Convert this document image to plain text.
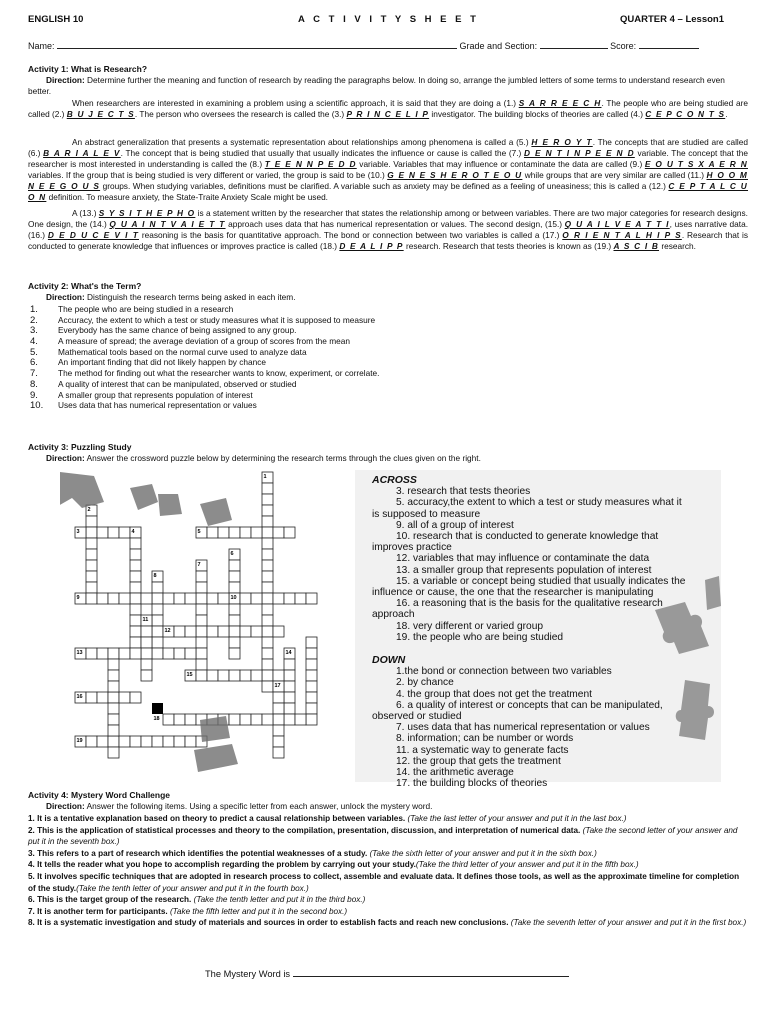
ENGLISH 10	A C T I V I T Y S H E E T	QUARTER 4 – Lesson1
Name:	Grade and Section:	Score:
Activity 1: What is Research?
Direction: Determine further the meaning and function of research by reading the paragraphs below. In doing so, arrange the jumbled letters of some terms to understand research even better.
When researchers are interested in examining a problem using a scientific approach, it is said that they are doing a (1.) S A R R E E C H. The people who are being studied are called (2.) B U J E C T S. The person who oversees the research is called the (3.) P R I N C E L I P investigator. The building blocks of theories are called (4.) C E P C O N T S.
An abstract generalization that presents a systematic representation about relationships among phenomena is called a (5.) H E R O Y T. The concepts that are studied are called (6.) B A R I A L E V. The concept that is being studied that usually that usually indicates the influence or cause is called the (7.) D E N T I N P E E N D variable. The concept that the researcher is most interested in understanding is called the (8.) T E E N N P E D D variable. Variables that may influence or contaminate the data are called (9.) E O U T S X A E R N variables. If the group that is being studied is very different or varied, the group is said to be (10.) G E N E S H E R O T E O U while groups that are very similar are called (11.) H O O M N E E G O U S groups. When studying variables, definitions must be clarified. A variable such as anxiety may be defined as a feeling of uneasiness; this is called a (12.) C E P T A L C U O N definition. To measure anxiety, the State-Traite Anxiety Scale might be used.
A (13.) S Y S I T H E P H O is a statement written by the researcher that states the relationship among or between variables. There are two major categories for research designs. One design, the (14.) Q U A I N T V A I E T T approach uses data that has numerical representation or values. The second design, (15.) Q U A I L V E A T T I, uses narrative data. (16.) D E D U C E V I T reasoning is the basis for quantitative approach. The bond or connection between two variables is called a (17.) O R I E N T A L H I P S. Research that is conducted to generate knowledge that influences or improves practice is called (18.) D E A L I P P research. Research that tests theories is known as (19.) A S C I B research.
Activity 2: What's the Term?
Direction: Distinguish the research terms being asked in each item.
1. The people who are being studied in a research
2. Accuracy, the extent to which a test or study measures what it is supposed to measure
3. Everybody has the same chance of being assigned to any group.
4. A measure of spread; the average deviation of a group of scores from the mean
5. Mathematical tools based on the normal curve used to analyze data
6. An important finding that did not likely happen by chance
7. The method for finding out what the researcher wants to know, experiment, or correlate.
8. A quality of interest that can be manipulated, observed or studied
9. A smaller group that represents population of interest
10. Uses data that has numerical representation or values
Activity 3: Puzzling Study
Direction: Answer the crossword puzzle below by determining the research terms through the clues given on the right.
1
2
3	4	5
6
7
8
9	10
11
12
13	14
15
16
17
18
19
ACROSS
3. research that tests theories
5. accuracy,the extent to which a test or study measures what it
is supposed to measure
9. all of a group of interest
10. research that is conducted to generate knowledge that
improves practice
12. variables that may influence or contaminate the data
13. a smaller group that represents population of interest
15. a variable or concept being studied that usually indicates the
influence or cause, the one that the researcher is manipulating
16. a reasoning that is the basis for the qualitative research
approach
18. very different or varied group
19. the people who are being studied
DOWN
1.the bond or connection between two variables
2. by chance
4. the group that does not get the treatment
6. a quality of interest or concepts that can be manipulated,
observed or studied
7. uses data that has numerical representation or values
8. information; can be number or words
11. a systematic way to generate facts
12. the group that gets the treatment
14. the arithmetic average
17. the building blocks of theories
Activity 4: Mystery Word Challenge
Direction: Answer the following items. Using a specific letter from each answer, unlock the mystery word.
1. It is a tentative explanation based on theory to predict a causal relationship between variables. (Take the last letter of your answer and put it in the last box.)
2. This is the application of statistical processes and theory to the compilation, presentation, discussion, and interpretation of numerical data. (Take the second letter of your answer and put it in the seventh box.)
3. This refers to a part of research which identifies the potential weaknesses of a study. (Take the sixth letter of your answer and put it in the sixth box.)
4. It tells the reader what you hope to accomplish regarding the problem by carrying out your study.(Take the third letter of your answer and put it in the fifth box.)
5. It involves specific techniques that are adopted in research process to collect, assemble and evaluate data. It defines those tools, as well as the approximate timeline for completion of the study.(Take the tenth letter of your answer and put it in the fourth box.)
6. This is the target group of the research. (Take the tenth letter and put it in the third box.)
7. It is another term for participants. (Take the fifth letter and put it in the second box.)
8. It is a systematic investigation and study of materials and sources in order to establish facts and reach new conclusions. (Take the seventh letter of your answer and put it in the first box.)
The Mystery Word is
